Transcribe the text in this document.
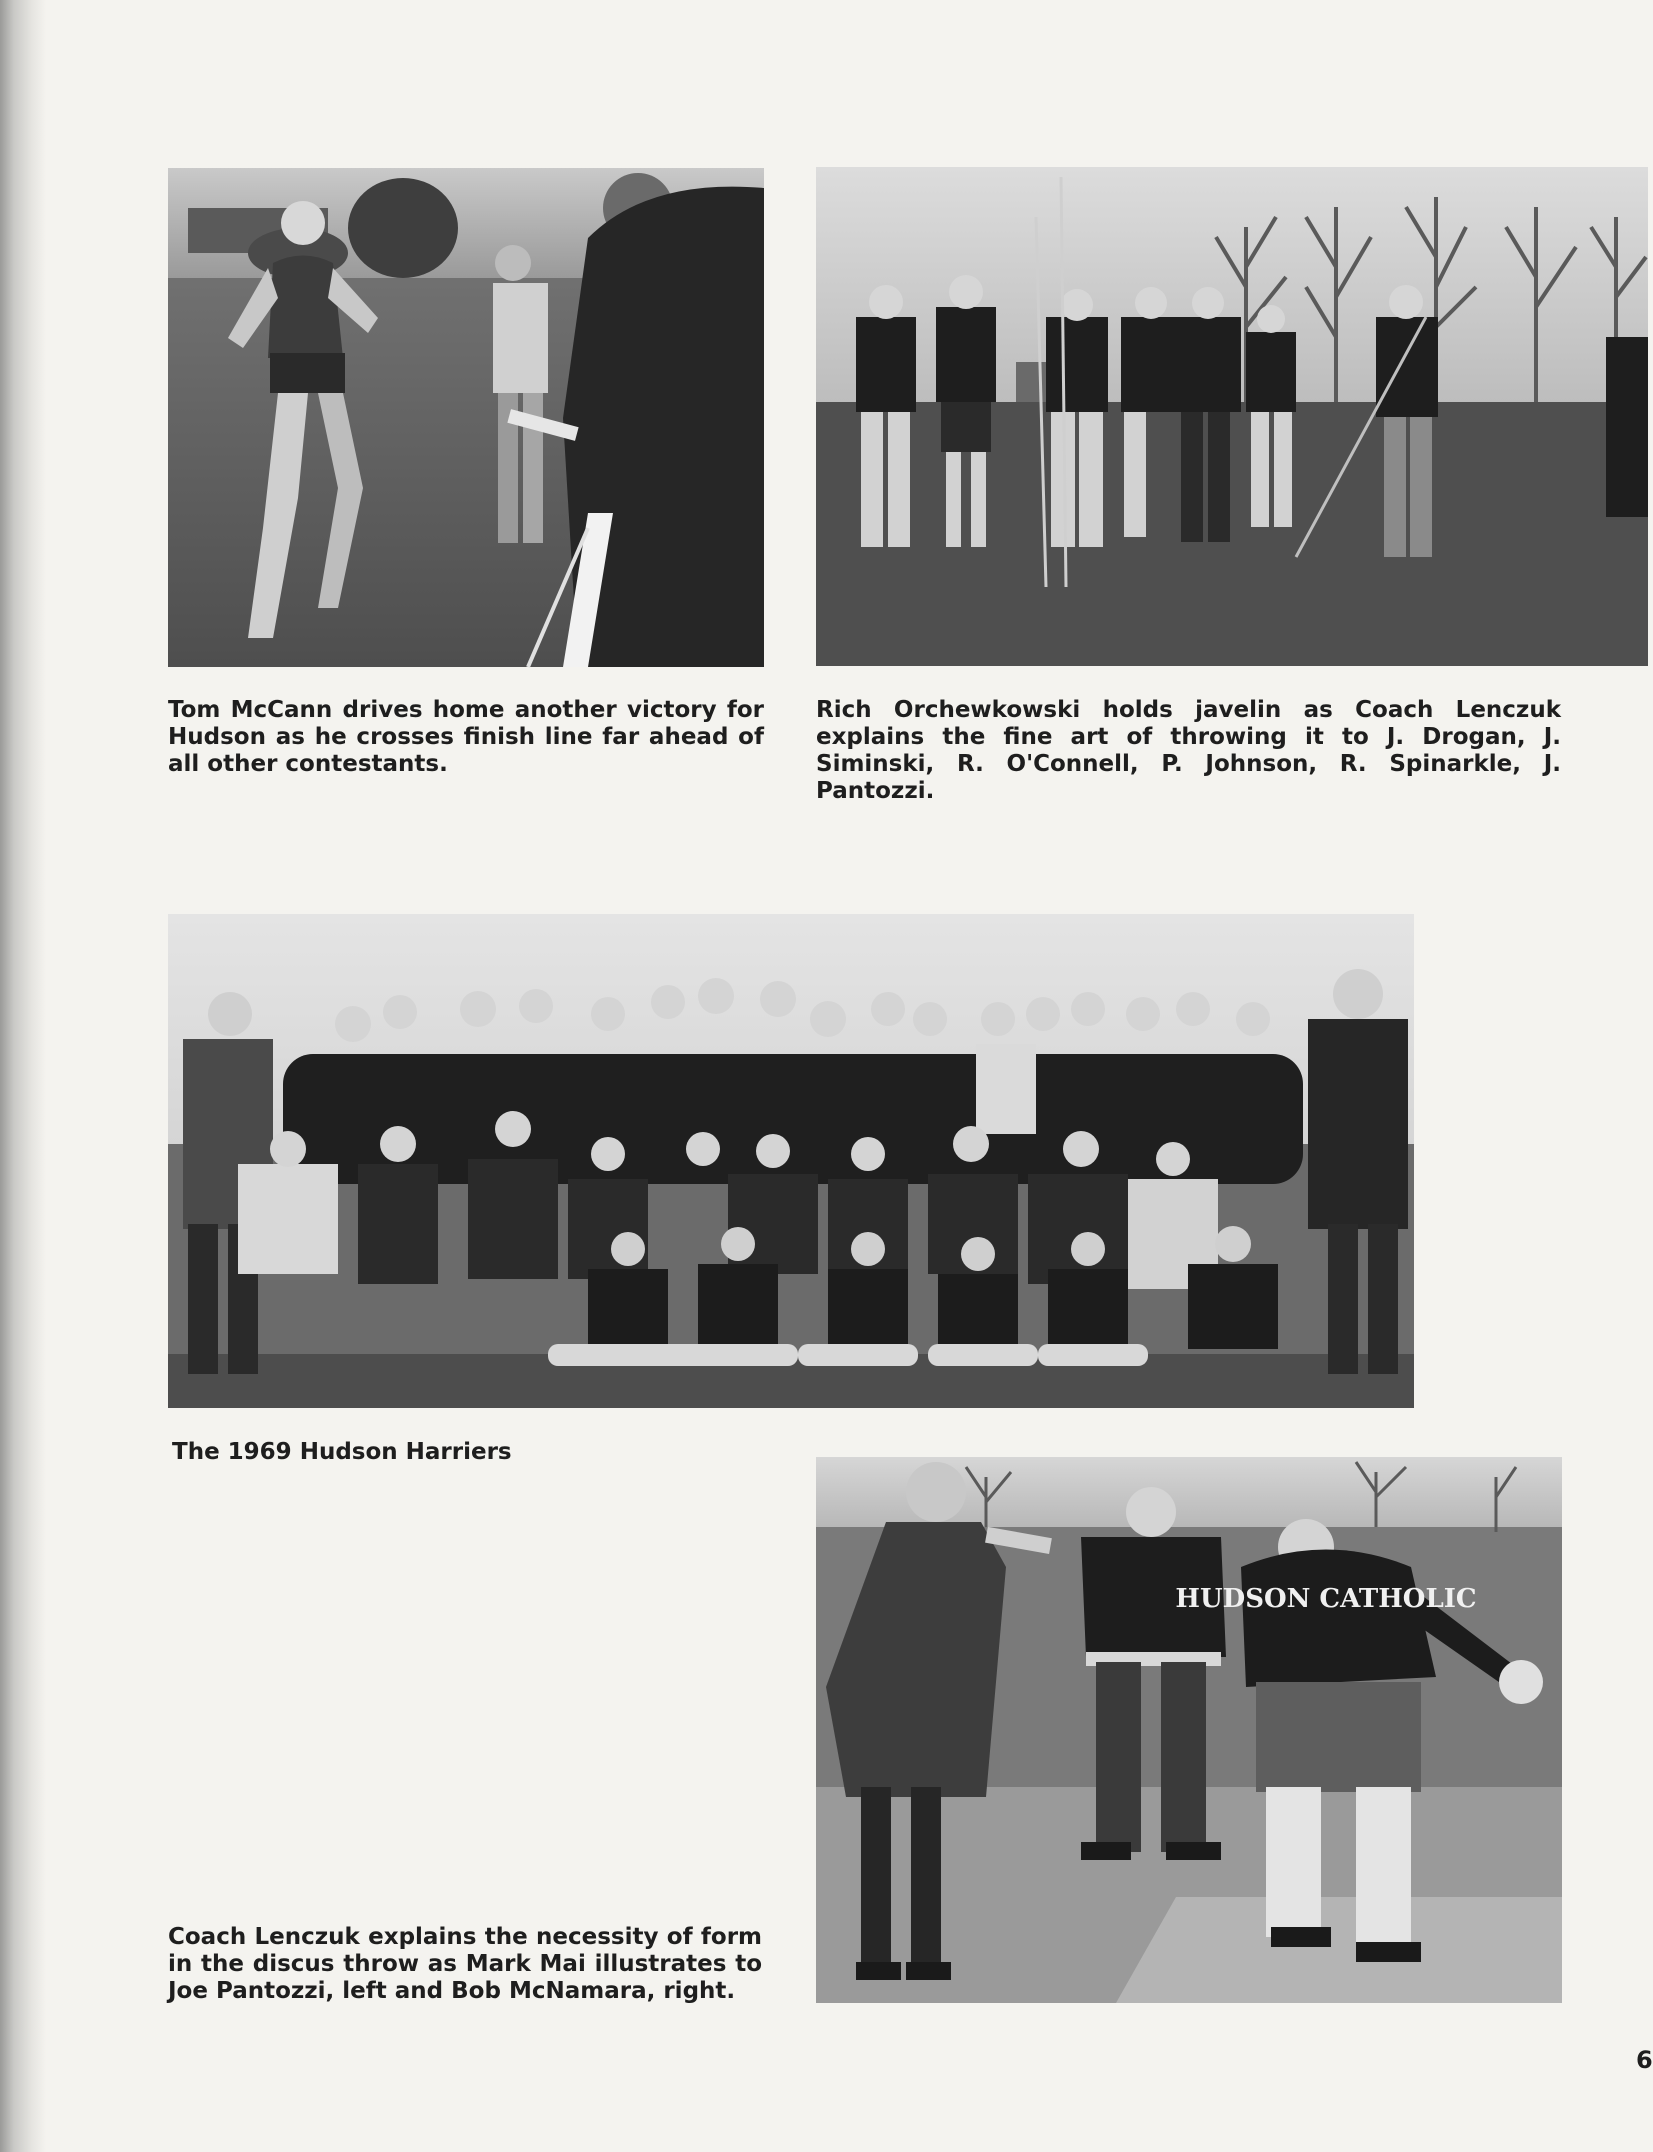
Tom McCann drives home another victory for Hudson as he crosses finish line far ahead of all other contestants.

Rich Orchewkowski holds javelin as Coach Lenczuk explains the fine art of throwing it to J. Drogan, J. Siminski, R. O'Connell, P. Johnson, R. Spinarkle, J. Pantozzi.

The 1969 Hudson Harriers

HUDSON CATHOLIC

Coach Lenczuk explains the necessity of form in the discus throw as Mark Mai illustrates to Joe Pantozzi, left and Bob McNamara, right.

6
